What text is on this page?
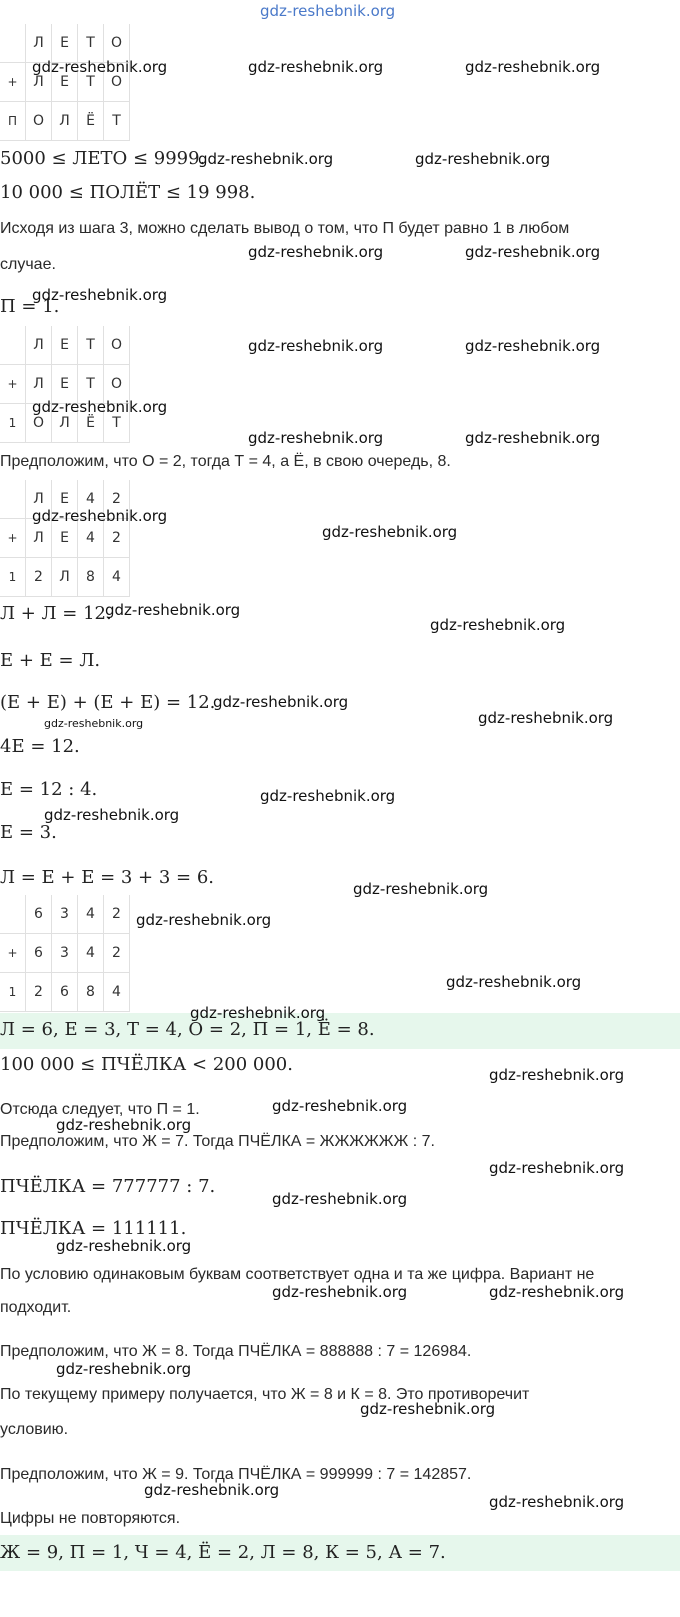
gdz-reshebnik.org
	Л	Е	Т	О
+	Л	Е	Т	О
П	О	Л	Ё	Т
gdz-reshebnik.org	gdz-reshebnik.org	gdz-reshebnik.org
5000 ≤ ЛЕТО ≤ 9999.
gdz-reshebnik.org	gdz-reshebnik.org
10 000 ≤ ПОЛЁТ ≤ 19 998.
Исходя из шага 3, можно сделать вывод о том, что П будет равно 1 в любом
случае.
gdz-reshebnik.org	gdz-reshebnik.org
gdz-reshebnik.org
П = 1.
	Л	Е	Т	О
+	Л	Е	Т	О
1	О	Л	Ё	Т
gdz-reshebnik.org	gdz-reshebnik.org
gdz-reshebnik.org
gdz-reshebnik.org	gdz-reshebnik.org
Предположим, что О = 2, тогда Т = 4, а Ё, в свою очередь, 8.
	Л	Е	4	2
+	Л	Е	4	2
1	2	Л	8	4
gdz-reshebnik.org
gdz-reshebnik.org
Л + Л = 12.
gdz-reshebnik.org
gdz-reshebnik.org
Е + Е = Л.
(Е + Е) + (Е + Е) = 12.
gdz-reshebnik.org
gdz-reshebnik.org
gdz-reshebnik.org
4Е = 12.
Е = 12 : 4.	gdz-reshebnik.org
gdz-reshebnik.org
Е = 3.
Л = Е + Е = 3 + 3 = 6.
gdz-reshebnik.org
	6	3	4	2
+	6	3	4	2
1	2	6	8	4
gdz-reshebnik.org
gdz-reshebnik.org
Л = 6, Е = 3, Т = 4, О = 2, П = 1, Ё = 8.
gdz-reshebnik.org
100 000 ≤ ПЧЁЛКА < 200 000.	gdz-reshebnik.org
Отсюда следует, что П = 1.	gdz-reshebnik.org
gdz-reshebnik.org
Предположим, что Ж = 7. Тогда ПЧЁЛКА = ЖЖЖЖЖЖ : 7.
gdz-reshebnik.org
ПЧЁЛКА = 777777 : 7.
gdz-reshebnik.org
ПЧЁЛКА = 111111.
gdz-reshebnik.org
По условию одинаковым буквам соответствует одна и та же цифра. Вариант не
подходит.
gdz-reshebnik.org	gdz-reshebnik.org
Предположим, что Ж = 8. Тогда ПЧЁЛКА = 888888 : 7 = 126984.
gdz-reshebnik.org
По текущему примеру получается, что Ж = 8 и К = 8. Это противоречит
условию.
gdz-reshebnik.org
Предположим, что Ж = 9. Тогда ПЧЁЛКА = 999999 : 7 = 142857.
gdz-reshebnik.org
gdz-reshebnik.org
Цифры не повторяются.
Ж = 9, П = 1, Ч = 4, Ё = 2, Л = 8, К = 5, А = 7.
